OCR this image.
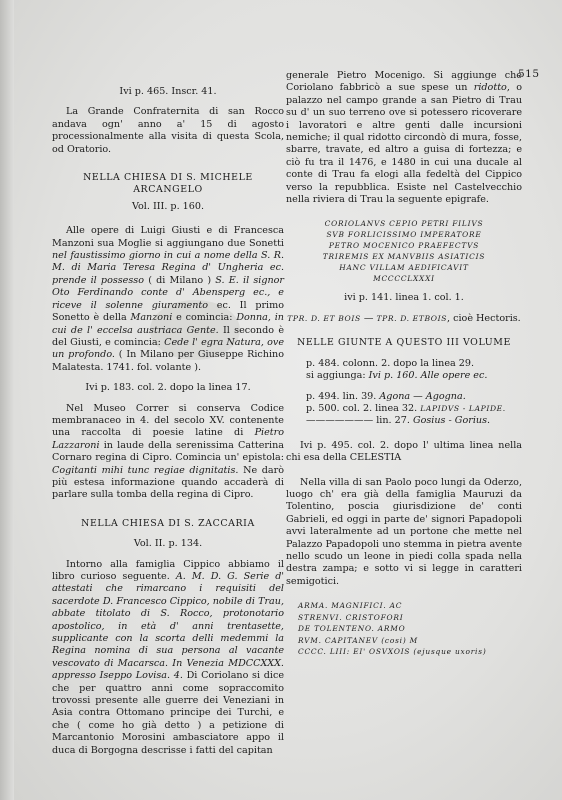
515

Ivi p. 465. Inscr. 41.

La Grande Confraternita di san Rocco andava ogn' anno a' 15 di agosto processionalmente alla visita di questa Scola, od Oratorio.

NELLA CHIESA DI S. MICHELE ARCANGELO

Vol. III. p. 160.

Alle opere di Luigi Giusti e di Francesca Manzoni sua Moglie si aggiungano due Sonetti nel faustissimo giorno in cui a nome della S. R. M. di Maria Teresa Regina d' Ungheria ec. prende il possesso ( di Milano ) S. E. il signor Oto Ferdinando conte d' Abensperg ec., e riceve il solenne giuramento ec. Il primo Sonetto è della Manzoni e comincia: Donna, in cui de l' eccelsa austriaca Gente. Il secondo è del Giusti, e comincia: Cede l' egra Natura, ove un profondo. ( In Milano per Giuseppe Richino Malatesta. 1741. fol. volante ).

Ivi p. 183. col. 2. dopo la linea 17.

Nel Museo Correr si conserva Codice membranaceo in 4. del secolo XV. contenente una raccolta di poesie latine di Pietro Lazzaroni in laude della serenissima Catterina Cornaro regina di Cipro. Comincia un' epistola: Cogitanti mihi tunc regiae dignitatis. Ne darò più estesa informazione quando accaderà di parlare sulla tomba della regina di Cipro.

NELLA CHIESA DI S. ZACCARIA

Vol. II. p. 134.

Intorno alla famiglia Cippico abbiamo il libro curioso seguente. A. M. D. G. Serie d' attestati che rimarcano i requisiti del sacerdote D. Francesco Cippico, nobile di Trau, abbate titolato di S. Rocco, protonotario apostolico, in età d' anni trentasette, supplicante con la scorta delli medemmi la Regina nomina di sua persona al vacante vescovato di Macarsca. In Venezia MDCCXXX. appresso Iseppo Lovisa. 4. Di Coriolano si dice che per quattro anni come sopraccomito trovossi presente alle guerre dei Veneziani in Asia contra Ottomano principe dei Turchi, e che ( come ho già detto ) a petizione di Marcantonio Morosini ambasciatore appo il duca di Borgogna descrisse i fatti del capitan

generale Pietro Mocenigo. Si aggiunge che Coriolano fabbricò a sue spese un ridotto, o palazzo nel campo grande a san Pietro di Trau su d' un suo terreno ove si potessero ricoverare i lavoratori e altre genti dalle incursioni nemiche; il qual ridotto circondò di mura, fosse, sbarre, travate, ed altro a guisa di fortezza; e ciò fu tra il 1476, e 1480 in cui una ducale al conte di Trau fa elogi alla fedeltà del Cippico verso la repubblica. Esiste nel Castelvecchio nella riviera di Trau la seguente epigrafe.

CORIOLANVS CEPIO PETRI FILIVS

SVB FORLICISSIMO IMPERATORE

PETRO MOCENICO PRAEFECTVS

TRIREMIS EX MANVBIIS ASIATICIS

HANC VILLAM AEDIFICAVIT

MCCCCLXXXI

ivi p. 141. linea 1. col. 1.

TPR. D. ET BOIS — TPR. D. ETBOIS, cioè Hectoris.

NELLE GIUNTE A QUESTO III VOLUME

p. 484. colonn. 2. dopo la linea 29.

si aggiunga: Ivi p. 160. Alle opere ec.

p. 494. lin. 39. Agona — Agogna.

p. 500. col. 2. linea 32. LAPIDVS - LAPIDE.

——————— lin. 27. Gosius - Gorius.

Ivi p. 495. col. 2. dopo l' ultima linea nella chi esa della CELESTIA

Nella villa di san Paolo poco lungi da Oderzo, luogo ch' era già della famiglia Mauruzi da Tolentino, poscia giurisdizione de' conti Gabrieli, ed oggi in parte de' signori Papadopoli avvi lateralmente ad un portone che mette nel Palazzo Papadopoli uno stemma in pietra avente nello scudo un leone in piedi colla spada nella destra zampa; e sotto vi si legge in caratteri semigotici.

ARMA. MAGNIFICI. AC

STRENVI. CRISTOFORI

DE TOLENTENO. ARMO

RVM. CAPITANEV (cosi) M

CCCC. LIII: EI' OSVXOIS (ejusque uxoris)
